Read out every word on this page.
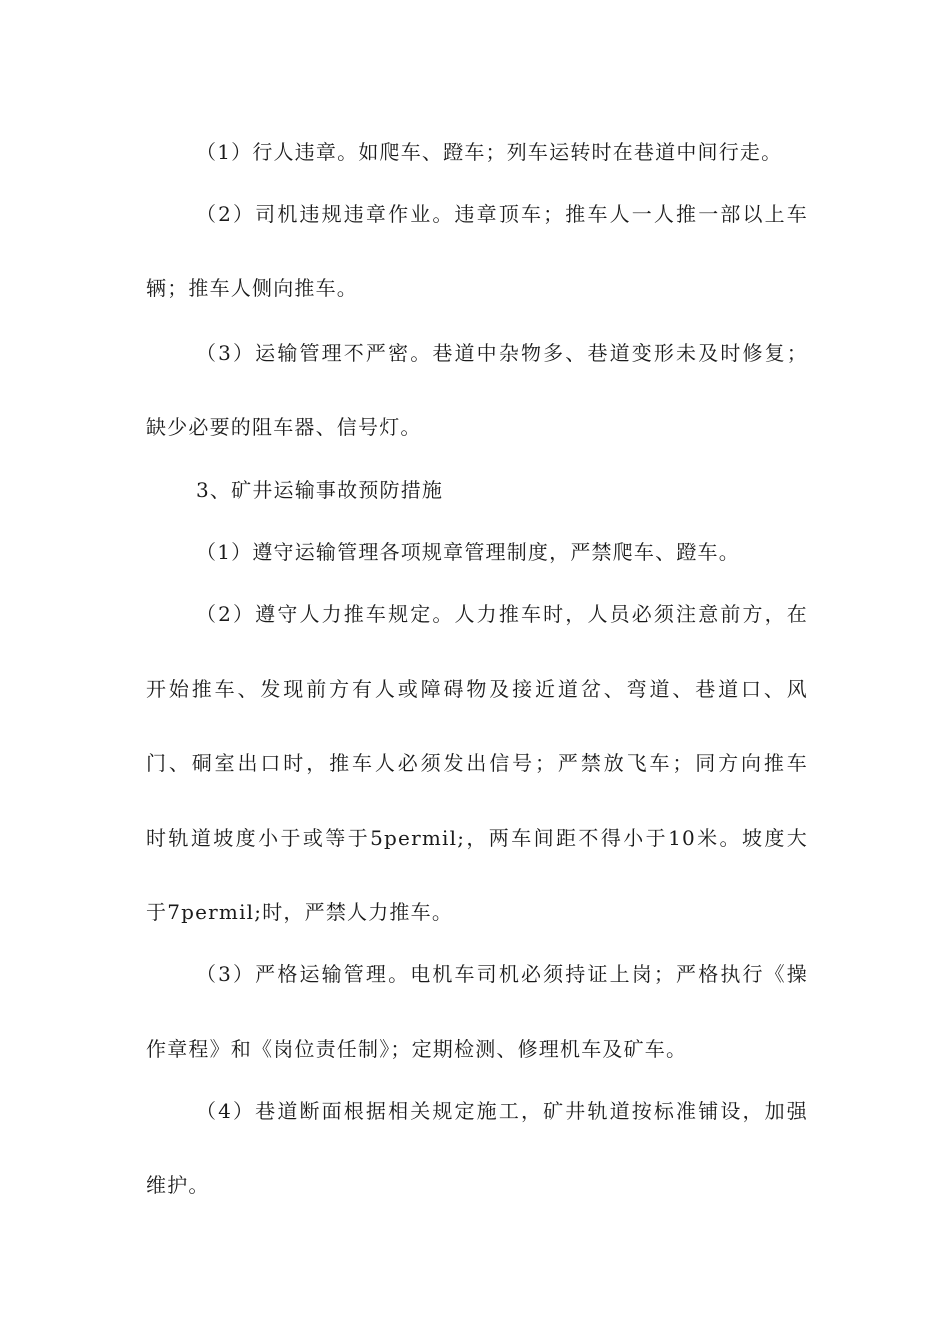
（1）行人违章。如爬车、蹬车；列车运转时在巷道中间行走。
（2）司机违规违章作业。违章顶车；推车人一人推一部以上车
辆；推车人侧向推车。
（3）运输管理不严密。巷道中杂物多、巷道变形未及时修复；
缺少必要的阻车器、信号灯。
3、矿井运输事故预防措施
（1）遵守运输管理各项规章管理制度，严禁爬车、蹬车。
（2）遵守人力推车规定。人力推车时，人员必须注意前方，在
开始推车、发现前方有人或障碍物及接近道岔、弯道、巷道口、风
门、硐室出口时，推车人必须发出信号；严禁放飞车；同方向推车
时轨道坡度小于或等于5permil;，两车间距不得小于10米。坡度大
于7permil;时，严禁人力推车。
（3）严格运输管理。电机车司机必须持证上岗；严格执行《操
作章程》和《岗位责任制》；定期检测、修理机车及矿车。
（4）巷道断面根据相关规定施工，矿井轨道按标准铺设，加强
维护。
